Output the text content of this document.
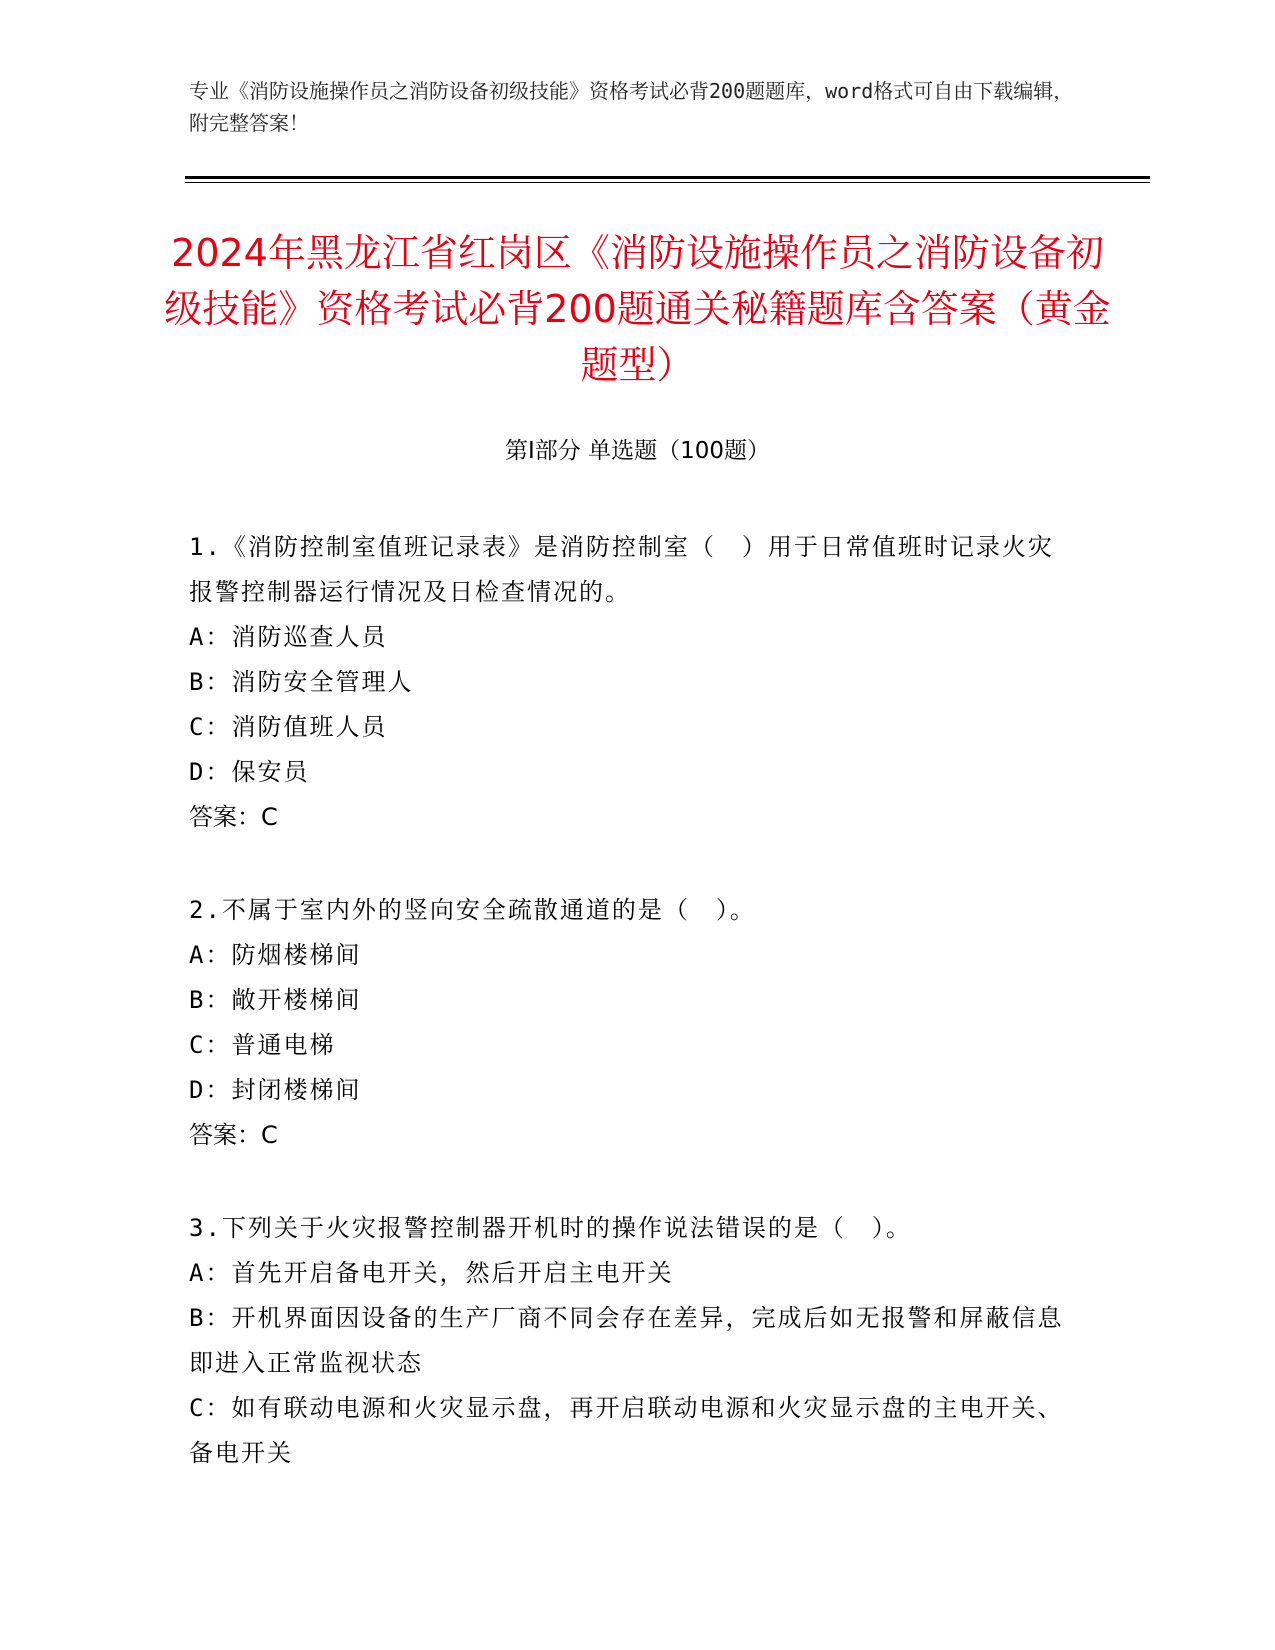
专业《消防设施操作员之消防设备初级技能》资格考试必背200题题库，word格式可自由下载编辑，附完整答案！
2024年黑龙江省红岗区《消防设施操作员之消防设备初级技能》资格考试必背200题通关秘籍题库含答案（黄金题型）
第I部分 单选题（100题）

1.《消防控制室值班记录表》是消防控制室（　）用于日常值班时记录火灾报警控制器运行情况及日检查情况的。

A：消防巡查人员

B：消防安全管理人

C：消防值班人员

D：保安员

答案：C

2.不属于室内外的竖向安全疏散通道的是（　）。

A：防烟楼梯间

B：敞开楼梯间

C：普通电梯

D：封闭楼梯间

答案：C

3.下列关于火灾报警控制器开机时的操作说法错误的是（　）。

A：首先开启备电开关，然后开启主电开关

B：开机界面因设备的生产厂商不同会存在差异，完成后如无报警和屏蔽信息即进入正常监视状态

C：如有联动电源和火灾显示盘，再开启联动电源和火灾显示盘的主电开关、备电开关
